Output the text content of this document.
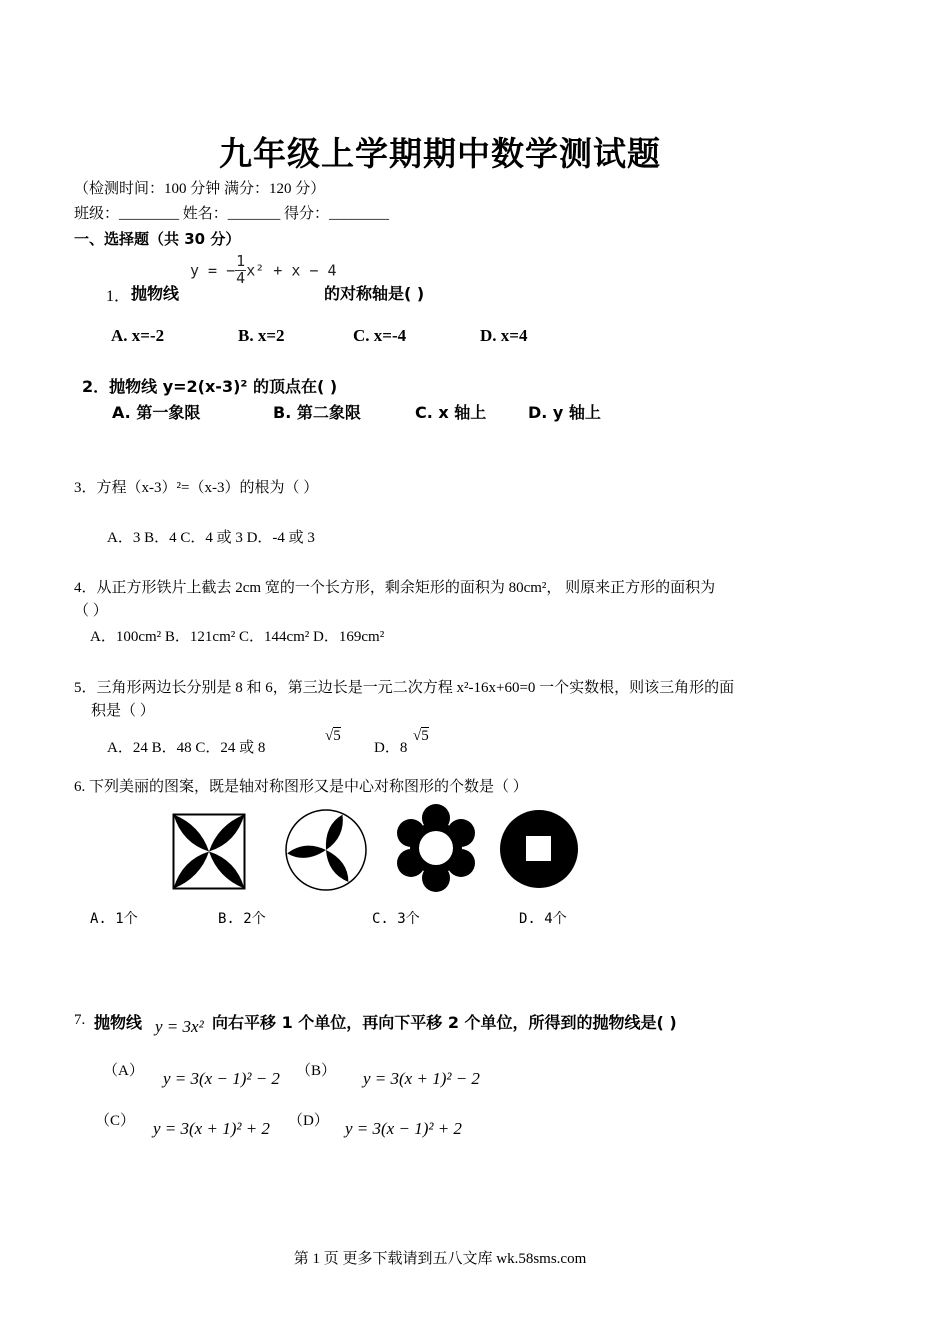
九年级上学期期中数学测试题
（检测时间：100 分钟 满分：120 分）
班级：________ 姓名：_______ 得分：________
一、选择题（共 30 分）
1． 抛物线
y = − $\frac{1}{4} x^2 + x - 4$
的对称轴是( )
A. x=-2	B. x=2	C. x=-4	D. x=4
2．抛物线 y=2(x-3)² 的顶点在( )
A. 第一象限	B. 第二象限	C. x 轴上	D. y 轴上
3．方程（x-3）²=（x-3）的根为（ ）
A．3 B．4 C．4 或 3 D．-4 或 3
4．从正方形铁片上截去 2cm 宽的一个长方形，剩余矩形的面积为 80cm²， 则原来正方形的面积为
（ ）
A．100cm² B．121cm² C．144cm² D．169cm²
5．三角形两边长分别是 8 和 6，第三边长是一元二次方程 x²-16x+60=0 一个实数根，则该三角形的面
积是（ ）
A．24 B．48 C．24 或 8
√5
D．8
√5
6. 下列美丽的图案，既是轴对称图形又是中心对称图形的个数是（ ）
A. 1个	B. 2个	C. 3个	D. 4个
7. 抛物线 y = 3x² 向右平移 1 个单位，再向下平移 2 个单位，所得到的抛物线是( )
（A） y = 3(x − 1)² − 2 （B） y = 3(x + 1)² − 2
（C） y = 3(x + 1)² + 2 （D） y = 3(x − 1)² + 2
第 1 页 更多下载请到五八文库 wk.58sms.com
